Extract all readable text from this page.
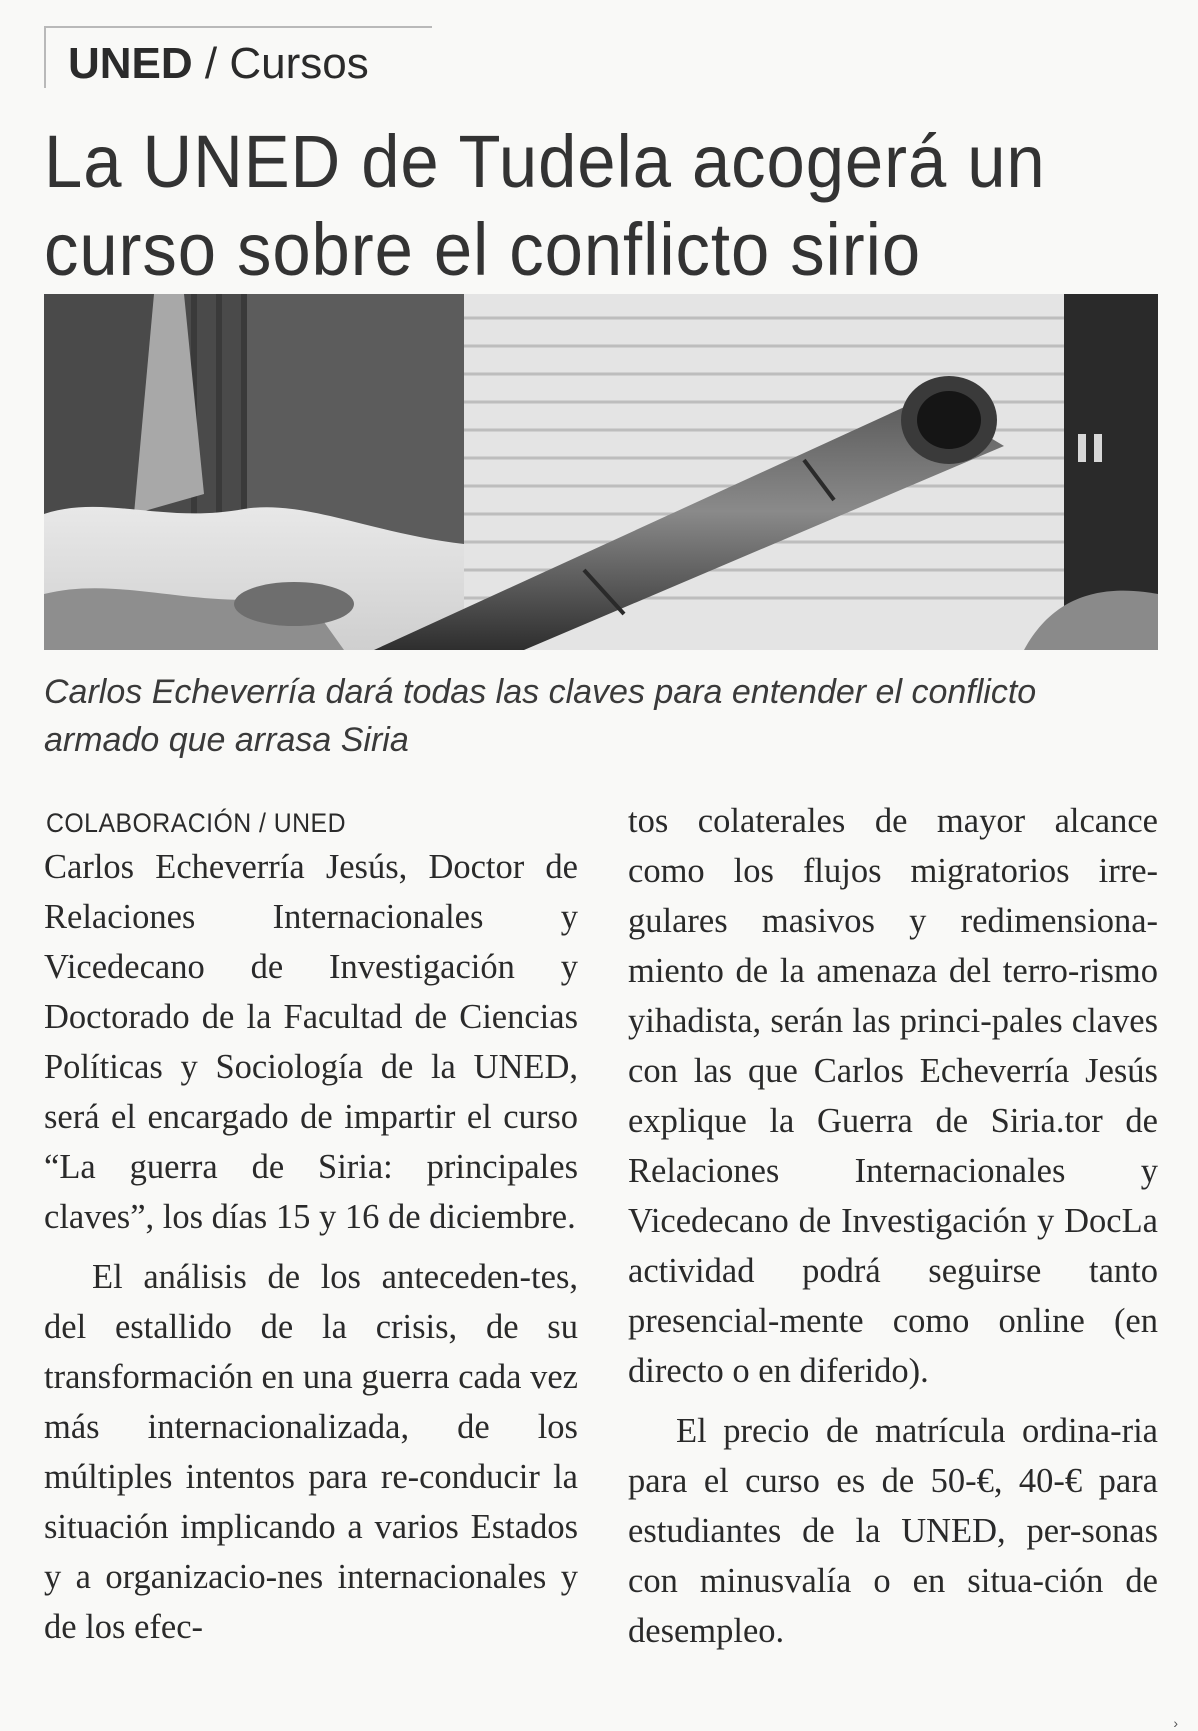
UNED / Cursos
La UNED de Tudela acogerá un curso sobre el conflicto sirio

Carlos Echeverría dará todas las claves para entender el conflicto armado que arrasa Siria

COLABORACIÓN / UNED

Carlos Echeverría Jesús, Doctor de Relaciones Internacionales y Vicedecano de Investigación y Doctorado de la Facultad de Ciencias Políticas y Sociología de la UNED, será el encargado de impartir el curso “La guerra de Siria: principales claves”, los días 15 y 16 de diciembre.

El análisis de los anteceden-tes, del estallido de la crisis, de su transformación en una guerra cada vez más internacionalizada, de los múltiples intentos para re-conducir la situación implicando a varios Estados y a organizacio-nes internacionales y de los efec-

tos colaterales de mayor alcance como los flujos migratorios irre-gulares masivos y redimensiona-miento de la amenaza del terro-rismo yihadista, serán las princi-pales claves con las que Carlos Echeverría Jesús explique la Guerra de Siria.tor de Relaciones Internacionales y Vicedecano de Investigación y DocLa actividad podrá seguirse tanto presencial-mente como online (en directo o en diferido).

El precio de matrícula ordina-ria para el curso es de 50-€, 40-€ para estudiantes de la UNED, per-sonas con minusvalía o en situa-ción de desempleo.

›
